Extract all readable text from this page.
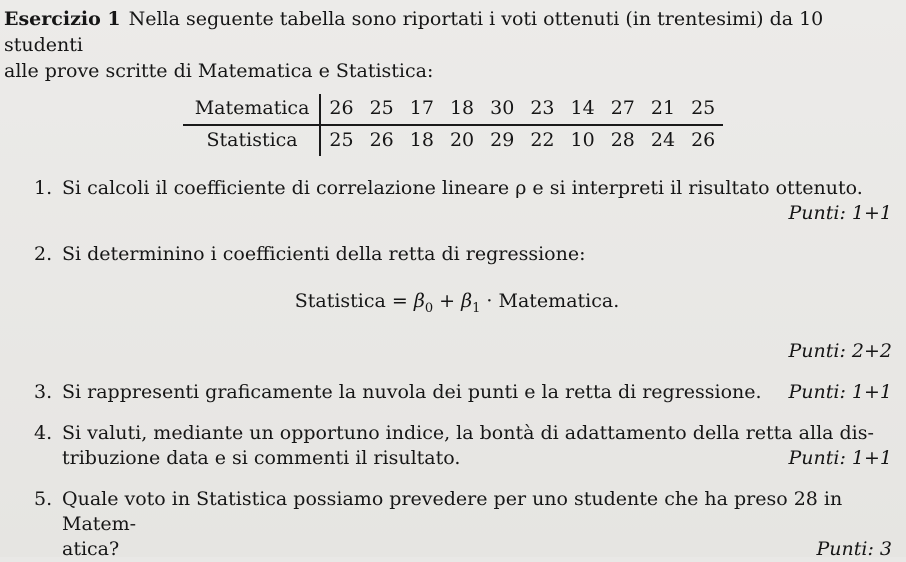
Esercizio 1 Nella seguente tabella sono riportati i voti ottenuti (in trentesimi) da 10 studenti
alle prove scritte di Matematica e Statistica:
Matematica	26	25	17	18	30	23	14	27	21	25
Statistica	25	26	18	20	29	22	10	28	24	26
1. Si calcoli il coefficiente di correlazione lineare ρ e si interpreti il risultato ottenuto.
Punti: 1+1
2. Si determinino i coefficienti della retta di regressione:
Statistica = $\beta_0 + \beta_1$ · Matematica.
Punti: 2+2
3.	Punti: 1+1
Si rappresenti graficamente la nuvola dei punti e la retta di regressione.
4. Si valuti, mediante un opportuno indice, la bontà di adattamento della retta alla dis-
Punti: 1+1
tribuzione data e si commenti il risultato.
5. Quale voto in Statistica possiamo prevedere per uno studente che ha preso 28 in Matem-
Punti: 3
atica?
